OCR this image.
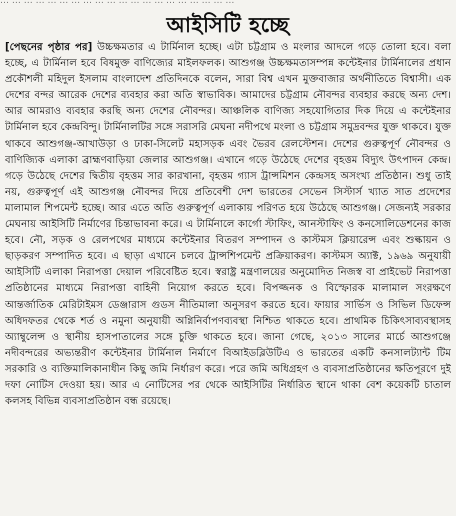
… … … … … … … … … … … … … … … … … … … …
আইসিটি হচ্ছে
[পেছনের পৃষ্ঠার পর] উচ্চক্ষমতার এ টার্মিনাল হচ্ছে। এটা চট্টগ্রাম ও মংলার আদলে গড়ে তোলা হবে। বলা হচ্ছে, এ টার্মিনাল হবে বিষমুক্ত বাণিজ্যের মাইলফলক। আশুগঞ্জ উচ্চক্ষমতাসম্পন্ন কন্টেইনার টার্মিনালের প্রধান প্রকৌশলী মহিদুল ইসলাম বাংলাদেশ প্রতিদিনকে বলেন, সারা বিশ্ব এখন মুক্তবাজার অর্থনীতিতে বিশ্বাসী। এক দেশের বন্দর আরেক দেশের ব্যবহার করা অতি স্বাভাবিক। আমাদের চট্টগ্রাম নৌবন্দর ব্যবহার করছে অন্য দেশ। আর আমরাও ব্যবহার করছি অন্য দেশের নৌবন্দর। আঞ্চলিক বাণিজ্য সহযোগিতার দিক দিয়ে এ কন্টেইনার টার্মিনাল হবে কেন্দ্রবিন্দু। টার্মিনালটির সঙ্গে সরাসরি মেঘনা নদীপথে মংলা ও চট্টগ্রাম সমুদ্রবন্দর যুক্ত থাকবে। যুক্ত থাকবে আশুগঞ্জ-আখাউড়া ও ঢাকা-সিলেট মহাসড়ক এবং ভৈরব রেলস্টেশন। দেশের গুরুত্বপূর্ণ নৌবন্দর ও বাণিজ্যিক এলাকা ব্রাহ্মণবাড়িয়া জেলার আশুগঞ্জ। এখানে গড়ে উঠেছে দেশের বৃহত্তম বিদ্যুৎ উৎপাদন কেন্দ্র। গড়ে উঠেছে দেশের দ্বিতীয় বৃহত্তম সার কারখানা, বৃহত্তম গ্যাস ট্রান্সমিশন কেন্দ্রসহ অসংখ্য প্রতিষ্ঠান। শুধু তাই নয়, গুরুত্বপূর্ণ এই আশুগঞ্জ নৌবন্দর দিয়ে প্রতিবেশী দেশ ভারতের সেভেন সিস্টার্স খ্যাত সাত প্রদেশের মালামাল শিপমেন্ট হচ্ছে। আর এতে অতি গুরুত্বপূর্ণ এলাকায় পরিণত হয়ে উঠেছে আশুগঞ্জ। সেজন্যই সরকার মেঘনায় আইসিটি নির্মাণের চিন্তাভাবনা করে। এ টার্মিনালে কার্গো স্টাফিং, আনস্টাফিং ও কনসোলিডেশনের কাজ হবে। নৌ, সড়ক ও রেলপথের মাধ্যমে কন্টেইনার বিতরণ সম্পাদন ও কাস্টমস ক্লিয়ারেন্স এবং শুল্কায়ন ও ছাড়করণ সম্পাদিত হবে। এ ছাড়া এখানে চলবে ট্রান্সশিপমেন্ট প্রক্রিয়াকরণ। কাস্টমস অ্যাক্ট, ১৯৬৯ অনুযায়ী আইসিটি এলাকা নিরাপত্তা দেয়াল পরিবেষ্টিত হবে। স্বরাষ্ট্র মন্ত্রণালয়ের অনুমোদিত নিজস্ব বা প্রাইভেট নিরাপত্তা প্রতিষ্ঠানের মাধ্যমে নিরাপত্তা বাহিনী নিয়োগ করতে হবে। বিপজ্জনক ও বিস্ফোরক মালামাল সংরক্ষণে আন্তর্জাতিক মেরিটাইমস ডেঞ্জারাস গুডস নীতিমালা অনুসরণ করতে হবে। ফায়ার সার্ভিস ও সিভিল ডিফেন্স অধিদফতর থেকে শর্ত ও নমুনা অনুযায়ী অগ্নিনির্বাপণব্যবস্থা নিশ্চিত থাকতে হবে। প্রাথমিক চিকিৎসাব্যবস্থাসহ অ্যাম্বুলেন্স ও স্থানীয় হাসপাতালের সঙ্গে চুক্তি থাকতে হবে। জানা গেছে, ২০১৩ সালের মার্চে আশুগঞ্জে নদীবন্দরের অভ্যন্তরীণ কন্টেইনার টার্মিনাল নির্মাণে বিআইডব্লিউটিএ ও ভারতের একটি কনসালট্যান্ট টিম সরকারি ও ব্যক্তিমালিকানাধীন কিছু জমি নির্ধারণ করে। পরে জমি অধিগ্রহণ ও ব্যবসাপ্রতিষ্ঠানের ক্ষতিপূরণে দুই দফা নোটিস দেওয়া হয়। আর এ নোটিসের পর থেকে আইসিটির নির্ধারিত স্থানে থাকা বেশ কয়েকটি চাতাল কলসহ বিভিন্ন ব্যবসাপ্রতিষ্ঠান বন্ধ রয়েছে।
